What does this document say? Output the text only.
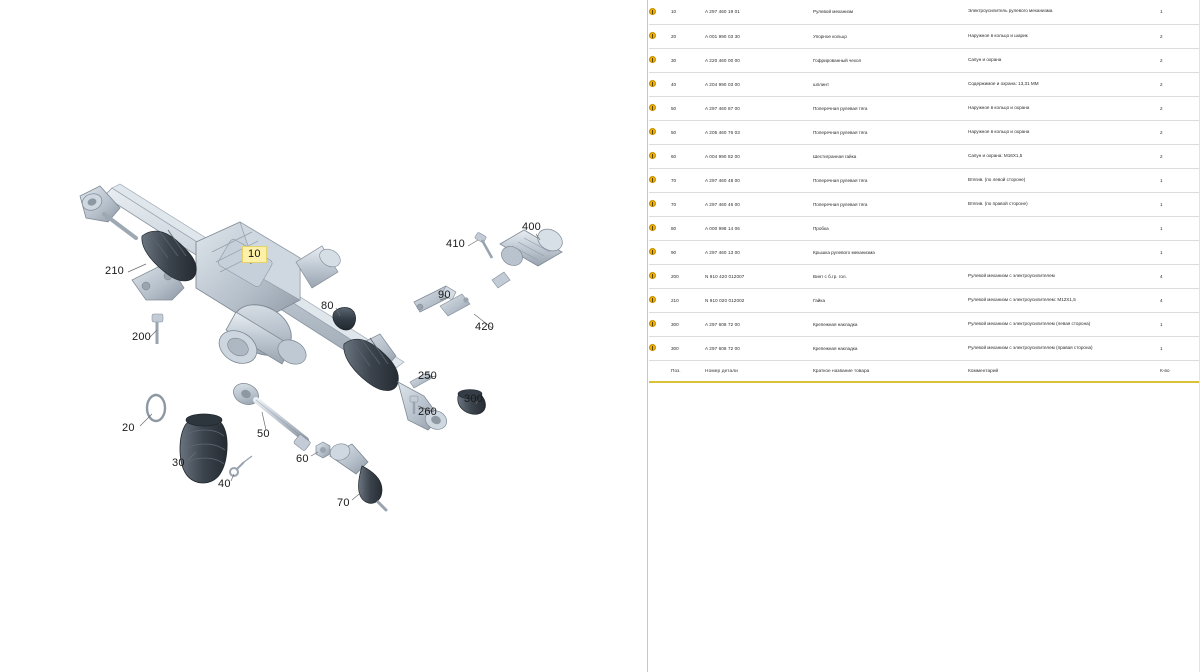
210
200
10
20
30
40
50
60
70
80
90
250
260
300
400
410
420
	10	A 297 460 19 01	Рулевой механизм	Электроусилитель рулевого механизма	1
	20	A 001 990 03 30	Упорное кольцо	Наружное в кольцо и шарик	2
	30	A 220 460 00 00	Гофрированный чехол	Сапун и охрана	2
	40	A 204 990 03 00	шплинт	Содержимое и охрана: 13,31 MM	2
	50	A 297 460 87 00	Поперечная рулевая тяга	Наружное в кольцо и охрана	2
	50	A 205 460 76 03	Поперечная рулевая тяга	Наружное в кольцо и охрана	2
	60	A 004 990 82 00	Шестигранная гайка	Сапун и охрана: M16X1,5	2
	70	A 297 460 48 00	Поперечная рулевая тяга	Втягив. (по левой стороне)	1
	70	A 297 460 46 00	Поперечная рулевая тяга	Втягив. (по правой стороне)	1
	80	A 000 998 14 06	Пробка		1
	90	A 297 460 13 00	Крышка рулевого механизма		1
	200	N 910 420 012007	Винт с б.гр. гол.	Рулевой механизм с электроусилителем	4
	210	N 910 020 012002	Гайка	Рулевой механизм с электроусилителем: M12X1,5	4
	300	A 297 608 72 00	Крепежная накладка	Рулевой механизм с электроусилителем (левая сторона)	1
	300	A 297 608 72 00	Крепежная накладка	Рулевой механизм с электроусилителем (правая сторона)	1
	Поз.	Номер детали	Краткое название товара	Комментарий	К-во
